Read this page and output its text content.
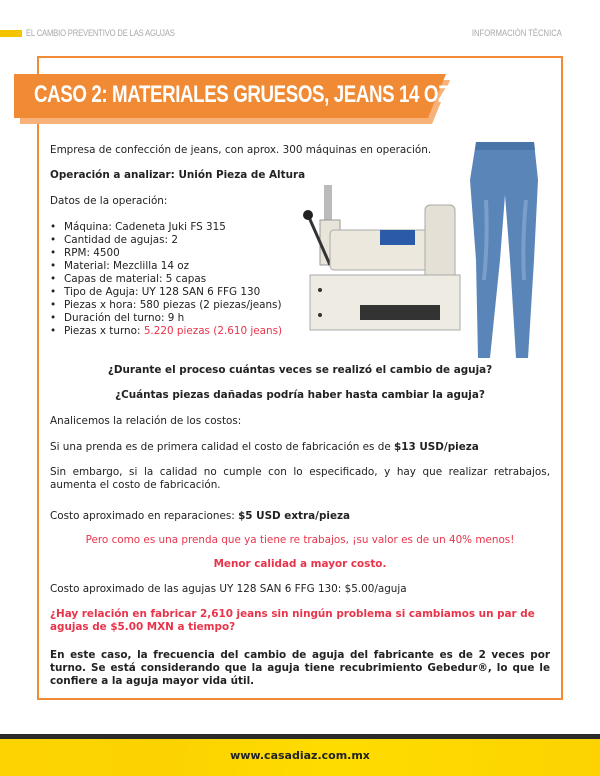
EL CAMBIO PREVENTIVO DE LAS AGUJAS	INFORMACIÓN TÉCNICA
CASO 2: MATERIALES GRUESOS, JEANS 14 OZ.
Empresa de confección de jeans, con aprox. 300 máquinas en operación.
Operación a analizar: Unión Pieza de Altura
Datos de la operación:
• Máquina: Cadeneta Juki FS 315
• Cantidad de agujas: 2
• RPM: 4500
• Material: Mezclilla 14 oz
• Capas de material: 5 capas
• Tipo de Aguja: UY 128 SAN 6 FFG 130
• Piezas x hora: 580 piezas (2 piezas/jeans)
• Duración del turno: 9 h
• Piezas x turno: 5.220 piezas (2.610 jeans)
¿Durante el proceso cuántas veces se realizó el cambio de aguja?
¿Cuántas piezas dañadas podría haber hasta cambiar la aguja?
Analicemos la relación de los costos:
Si una prenda es de primera calidad el costo de fabricación es de $13 USD/pieza
Sin embargo, si la calidad no cumple con lo especificado, y hay que realizar retrabajos, aumenta el costo de fabricación.
Costo aproximado en reparaciones: $5 USD extra/pieza
Pero como es una prenda que ya tiene re trabajos, ¡su valor es de un 40% menos!
Menor calidad a mayor costo.
Costo aproximado de las agujas UY 128 SAN 6 FFG 130: $5.00/aguja
¿Hay relación en fabricar 2,610 jeans sin ningún problema si cambiamos un par de agujas de $5.00 MXN a tiempo?
En este caso, la frecuencia del cambio de aguja del fabricante es de 2 veces por turno. Se está considerando que la aguja tiene recubrimiento Gebedur®, lo que le confiere a la aguja mayor vida útil.
www.casadiaz.com.mx
